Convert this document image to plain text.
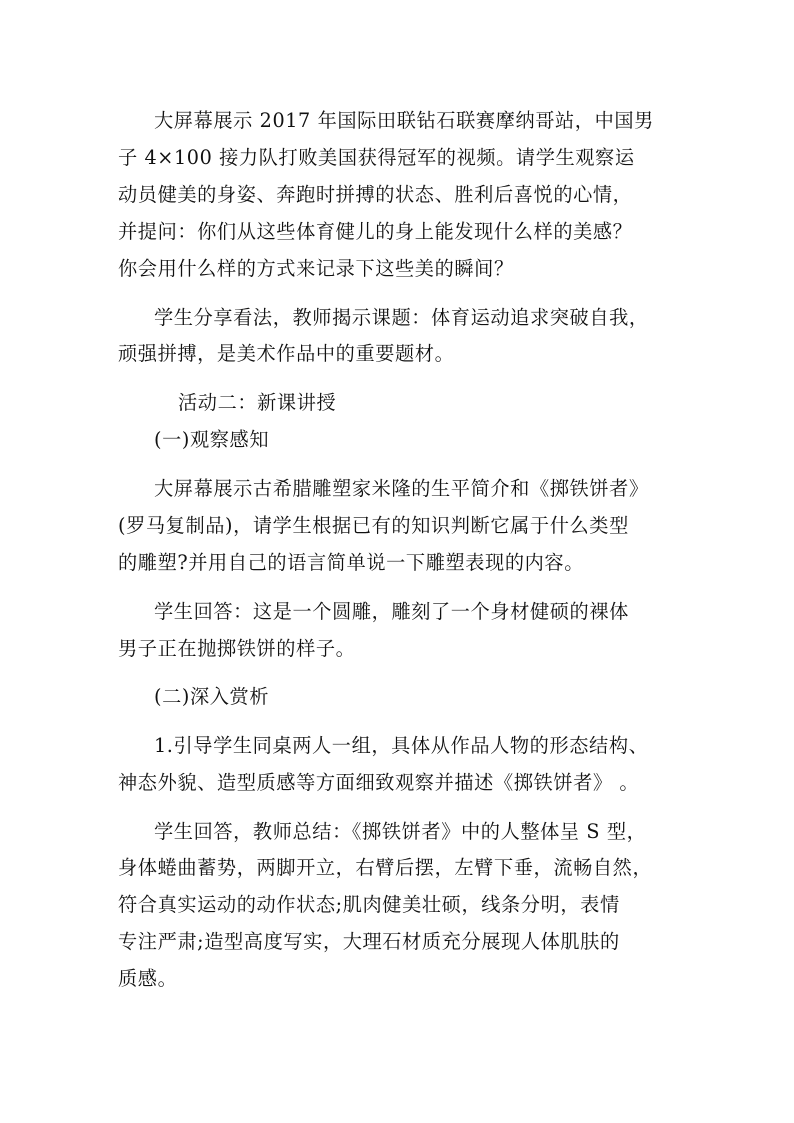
大屏幕展示 2017 年国际田联钻石联赛摩纳哥站，中国男
子 4×100 接力队打败美国获得冠军的视频。请学生观察运
动员健美的身姿、奔跑时拼搏的状态、胜利后喜悦的心情，
并提问：你们从这些体育健儿的身上能发现什么样的美感？
你会用什么样的方式来记录下这些美的瞬间？
学生分享看法，教师揭示课题：体育运动追求突破自我，
顽强拼搏，是美术作品中的重要题材。
活动二：新课讲授
(一)观察感知
大屏幕展示古希腊雕塑家米隆的生平简介和《掷铁饼者》
(罗马复制品)，请学生根据已有的知识判断它属于什么类型
的雕塑?并用自己的语言简单说一下雕塑表现的内容。
学生回答：这是一个圆雕，雕刻了一个身材健硕的裸体
男子正在抛掷铁饼的样子。
(二)深入赏析
1.引导学生同桌两人一组，具体从作品人物的形态结构、
神态外貌、造型质感等方面细致观察并描述《掷铁饼者》 。
学生回答，教师总结：《掷铁饼者》中的人整体呈 S 型，
身体蜷曲蓄势，两脚开立，右臂后摆，左臂下垂，流畅自然，
符合真实运动的动作状态;肌肉健美壮硕，线条分明，表情
专注严肃;造型高度写实，大理石材质充分展现人体肌肤的
质感。
